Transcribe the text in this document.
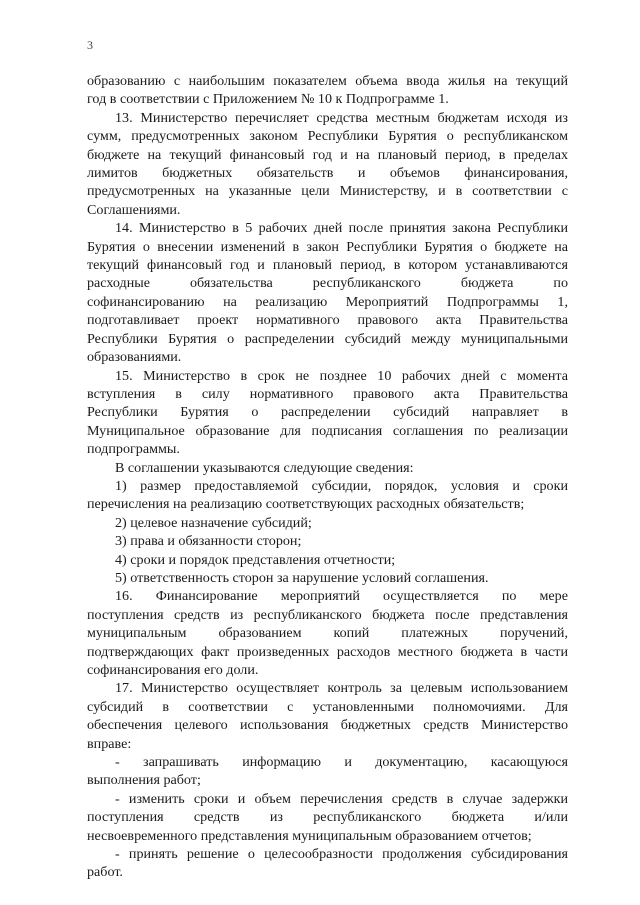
3

образованию с наибольшим показателем объема ввода жилья на текущий
год в соответствии с Приложением № 10 к Подпрограмме 1.

13. Министерство перечисляет средства местным бюджетам исходя из
сумм, предусмотренных законом Республики Бурятия о республиканском
бюджете на текущий финансовый год и на плановый период, в пределах
лимитов бюджетных обязательств и объемов финансирования,
предусмотренных на указанные цели Министерству, и в соответствии с
Соглашениями.

14. Министерство в 5 рабочих дней после принятия закона Республики
Бурятия о внесении изменений в закон Республики Бурятия о бюджете на
текущий финансовый год и плановый период, в котором устанавливаются
расходные обязательства республиканского бюджета по
софинансированию на реализацию Мероприятий Подпрограммы 1,
подготавливает проект нормативного правового акта Правительства
Республики Бурятия о распределении субсидий между муниципальными
образованиями.

15. Министерство в срок не позднее 10 рабочих дней с момента
вступления в силу нормативного правового акта Правительства
Республики Бурятия о распределении субсидий направляет в
Муниципальное образование для подписания соглашения по реализации
подпрограммы.

В соглашении указываются следующие сведения:

1) размер предоставляемой субсидии, порядок, условия и сроки
перечисления на реализацию соответствующих расходных обязательств;

2) целевое назначение субсидий;

3) права и обязанности сторон;

4) сроки и порядок представления отчетности;

5) ответственность сторон за нарушение условий соглашения.

16. Финансирование мероприятий осуществляется по мере
поступления средств из республиканского бюджета после представления
муниципальным образованием копий платежных поручений,
подтверждающих факт произведенных расходов местного бюджета в части
софинансирования его доли.

17. Министерство осуществляет контроль за целевым использованием
субсидий в соответствии с установленными полномочиями. Для
обеспечения целевого использования бюджетных средств Министерство
вправе:

- запрашивать информацию и документацию, касающуюся
выполнения работ;

- изменить сроки и объем перечисления средств в случае задержки
поступления средств из республиканского бюджета и/или
несвоевременного представления муниципальным образованием отчетов;

- принять решение о целесообразности продолжения субсидирования
работ.
